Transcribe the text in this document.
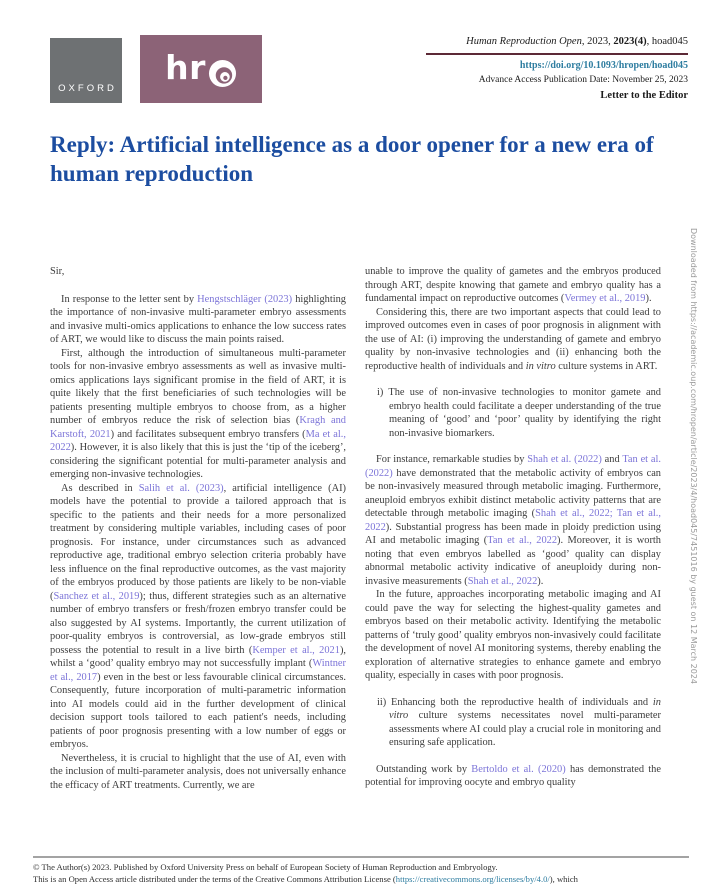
OXFORD
hr
Human Reproduction Open, 2023, 2023(4), hoad045
https://doi.org/10.1093/hropen/hoad045
Advance Access Publication Date: November 25, 2023
Letter to the Editor
Reply: Artificial intelligence as a door opener for a new era of human reproduction
Sir,
In response to the letter sent by Hengstschläger (2023) highlighting the importance of non-invasive multi-parameter embryo assessments and invasive multi-omics applications to enhance the low success rates of ART, we would like to discuss the main points raised.
First, although the introduction of simultaneous multi-parameter tools for non-invasive embryo assessments as well as invasive multi-omics applications lays significant promise in the field of ART, it is quite likely that the first beneficiaries of such technologies will be patients presenting multiple embryos to choose from, as a higher number of embryos reduce the risk of selection bias (Kragh and Karstoft, 2021) and facilitates subsequent embryo transfers (Ma et al., 2022). However, it is also likely that this is just the ‘tip of the iceberg’, considering the significant potential for multi-parameter analysis and emerging non-invasive technologies.
As described in Salih et al. (2023), artificial intelligence (AI) models have the potential to provide a tailored approach that is specific to the patients and their needs for a more personalized treatment by considering multiple variables, including cases of poor prognosis. For instance, under circumstances such as advanced reproductive age, traditional embryo selection criteria probably have less influence on the final reproductive outcomes, as the vast majority of the embryos produced by those patients are likely to be non-viable (Sanchez et al., 2019); thus, different strategies such as an alternative number of embryo transfers or fresh/frozen embryo transfer could be also suggested by AI systems. Importantly, the current utilization of poor-quality embryos is controversial, as low-grade embryos still possess the potential to result in a live birth (Kemper et al., 2021), whilst a ‘good’ quality embryo may not successfully implant (Wintner et al., 2017) even in the best or less favourable clinical circumstances. Consequently, future incorporation of multi-parametric information into AI models could aid in the further development of clinical decision support tools tailored to each patient's needs, including patients of poor prognosis presenting with a low number of eggs or embryos.
Nevertheless, it is crucial to highlight that the use of AI, even with the inclusion of multi-parameter analysis, does not universally enhance the efficacy of ART treatments. Currently, we are
unable to improve the quality of gametes and the embryos produced through ART, despite knowing that gamete and embryo quality has a fundamental impact on reproductive outcomes (Vermey et al., 2019).
Considering this, there are two important aspects that could lead to improved outcomes even in cases of poor prognosis in alignment with the use of AI: (i) improving the understanding of gamete and embryo quality by non-invasive technologies and (ii) enhancing both the reproductive health of individuals and in vitro culture systems in ART.
i) The use of non-invasive technologies to monitor gamete and embryo health could facilitate a deeper understanding of the true meaning of ‘good’ and ‘poor’ quality by identifying the right non-invasive biomarkers.
For instance, remarkable studies by Shah et al. (2022) and Tan et al. (2022) have demonstrated that the metabolic activity of embryos can be non-invasively measured through metabolic imaging. Furthermore, aneuploid embryos exhibit distinct metabolic activity patterns that are detectable through metabolic imaging (Shah et al., 2022; Tan et al., 2022). Substantial progress has been made in ploidy prediction using AI and metabolic imaging (Tan et al., 2022). Moreover, it is worth noting that even embryos labelled as ‘good’ quality can display abnormal metabolic activity indicative of aneuploidy during non-invasive measurements (Shah et al., 2022).
In the future, approaches incorporating metabolic imaging and AI could pave the way for selecting the highest-quality gametes and embryos based on their metabolic activity. Identifying the metabolic patterns of ‘truly good’ quality embryos non-invasively could facilitate the development of novel AI monitoring systems, thereby enabling the exploration of alternative strategies to enhance gamete and embryo quality, especially in cases with poor prognosis.
ii) Enhancing both the reproductive health of individuals and in vitro culture systems necessitates novel multi-parameter assessments where AI could play a crucial role in monitoring and ensuring safe application.
Outstanding work by Bertoldo et al. (2020) has demonstrated the potential for improving oocyte and embryo quality
Downloaded from https://academic.oup.com/hropen/article/2023/4/hoad045/7451016 by guest on 12 March 2024
© The Author(s) 2023. Published by Oxford University Press on behalf of European Society of Human Reproduction and Embryology.
This is an Open Access article distributed under the terms of the Creative Commons Attribution License (https://creativecommons.org/licenses/by/4.0/), which
